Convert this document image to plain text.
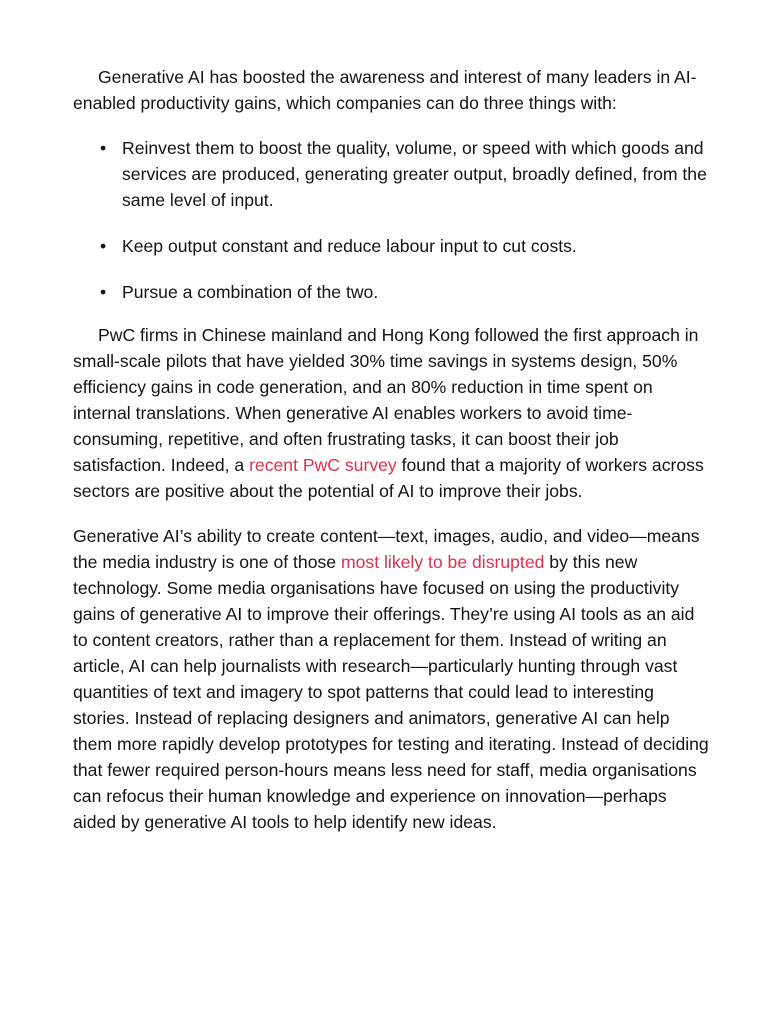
Generative AI has boosted the awareness and interest of many leaders in AI-enabled productivity gains, which companies can do three things with:

• Reinvest them to boost the quality, volume, or speed with which goods and services are produced, generating greater output, broadly defined, from the same level of input.
• Keep output constant and reduce labour input to cut costs.
• Pursue a combination of the two.

PwC firms in Chinese mainland and Hong Kong followed the first approach in small-scale pilots that have yielded 30% time savings in systems design, 50% efficiency gains in code generation, and an 80% reduction in time spent on internal translations. When generative AI enables workers to avoid time-consuming, repetitive, and often frustrating tasks, it can boost their job satisfaction. Indeed, a recent PwC survey found that a majority of workers across sectors are positive about the potential of AI to improve their jobs.

Generative AI’s ability to create content—text, images, audio, and video—means the media industry is one of those most likely to be disrupted by this new technology. Some media organisations have focused on using the productivity gains of generative AI to improve their offerings. They’re using AI tools as an aid to content creators, rather than a replacement for them. Instead of writing an article, AI can help journalists with research—particularly hunting through vast quantities of text and imagery to spot patterns that could lead to interesting stories. Instead of replacing designers and animators, generative AI can help them more rapidly develop prototypes for testing and iterating. Instead of deciding that fewer required person-hours means less need for staff, media organisations can refocus their human knowledge and experience on innovation—perhaps aided by generative AI tools to help identify new ideas.
